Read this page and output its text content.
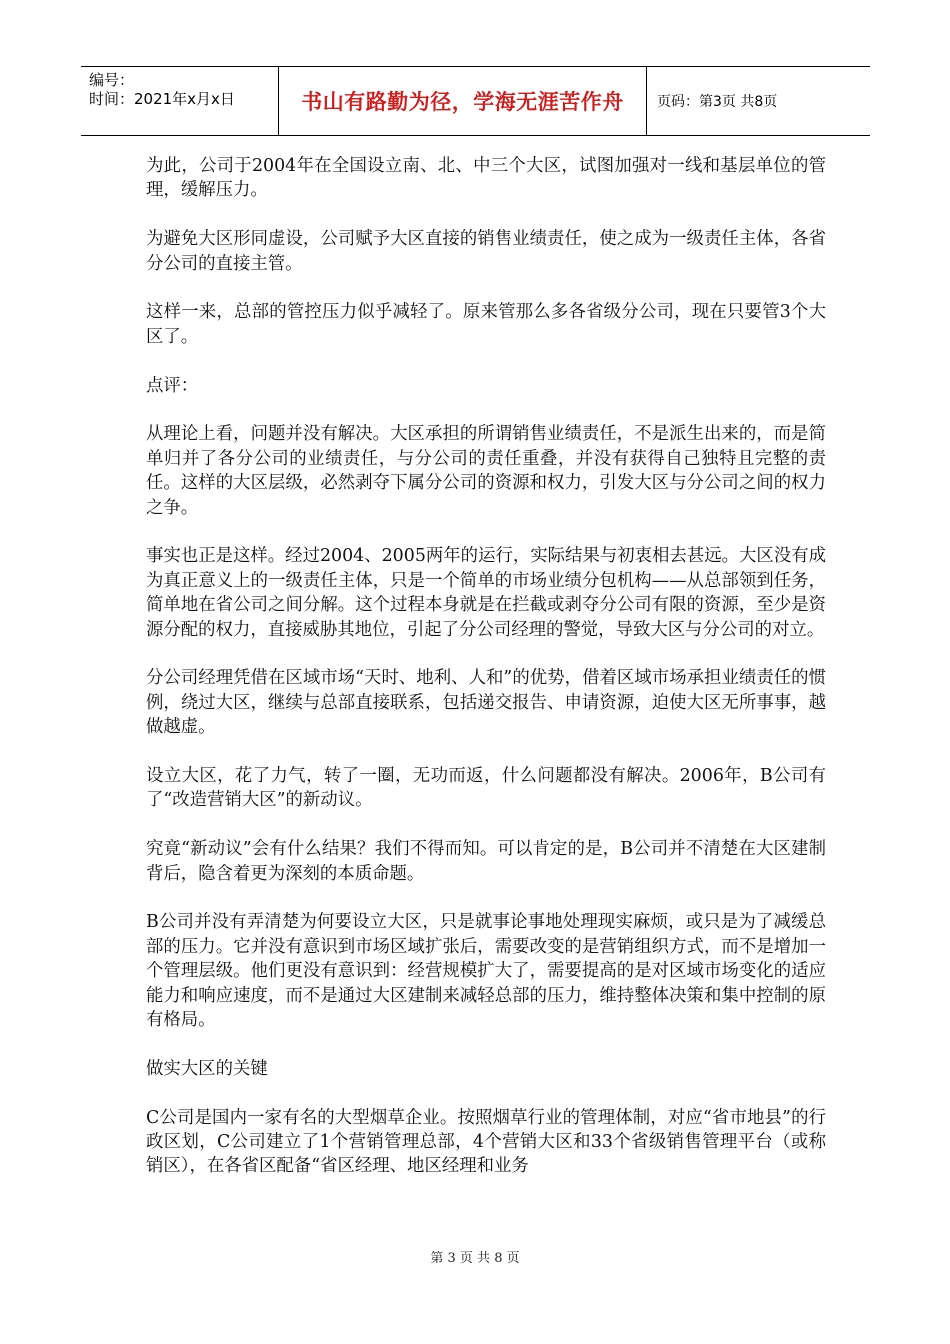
编号：
时间：2021年x月x日	书山有路勤为径，学海无涯苦作舟	页码：第3页 共8页

为此，公司于2004年在全国设立南、北、中三个大区，试图加强对一线和基层单位的管理，缓解压力。

为避免大区形同虚设，公司赋予大区直接的销售业绩责任，使之成为一级责任主体，各省分公司的直接主管。

这样一来，总部的管控压力似乎减轻了。原来管那么多各省级分公司，现在只要管3个大区了。

点评：

从理论上看，问题并没有解决。大区承担的所谓销售业绩责任，不是派生出来的，而是简单归并了各分公司的业绩责任，与分公司的责任重叠，并没有获得自己独特且完整的责任。这样的大区层级，必然剥夺下属分公司的资源和权力，引发大区与分公司之间的权力之争。

事实也正是这样。经过2004、2005两年的运行，实际结果与初衷相去甚远。大区没有成为真正意义上的一级责任主体，只是一个简单的市场业绩分包机构——从总部领到任务，简单地在省公司之间分解。这个过程本身就是在拦截或剥夺分公司有限的资源，至少是资源分配的权力，直接威胁其地位，引起了分公司经理的警觉，导致大区与分公司的对立。

分公司经理凭借在区域市场“天时、地利、人和”的优势，借着区域市场承担业绩责任的惯例，绕过大区，继续与总部直接联系，包括递交报告、申请资源，迫使大区无所事事，越做越虚。

设立大区，花了力气，转了一圈，无功而返，什么问题都没有解决。2006年，B公司有了“改造营销大区”的新动议。

究竟“新动议”会有什么结果？我们不得而知。可以肯定的是，B公司并不清楚在大区建制背后，隐含着更为深刻的本质命题。

B公司并没有弄清楚为何要设立大区，只是就事论事地处理现实麻烦，或只是为了减缓总部的压力。它并没有意识到市场区域扩张后，需要改变的是营销组织方式，而不是增加一个管理层级。他们更没有意识到：经营规模扩大了，需要提高的是对区域市场变化的适应能力和响应速度，而不是通过大区建制来减轻总部的压力，维持整体决策和集中控制的原有格局。

做实大区的关键

C公司是国内一家有名的大型烟草企业。按照烟草行业的管理体制，对应“省市地县”的行政区划，C公司建立了1个营销管理总部，4个营销大区和33个省级销售管理平台（或称销区），在各省区配备“省区经理、地区经理和业务

第 3 页 共 8 页
